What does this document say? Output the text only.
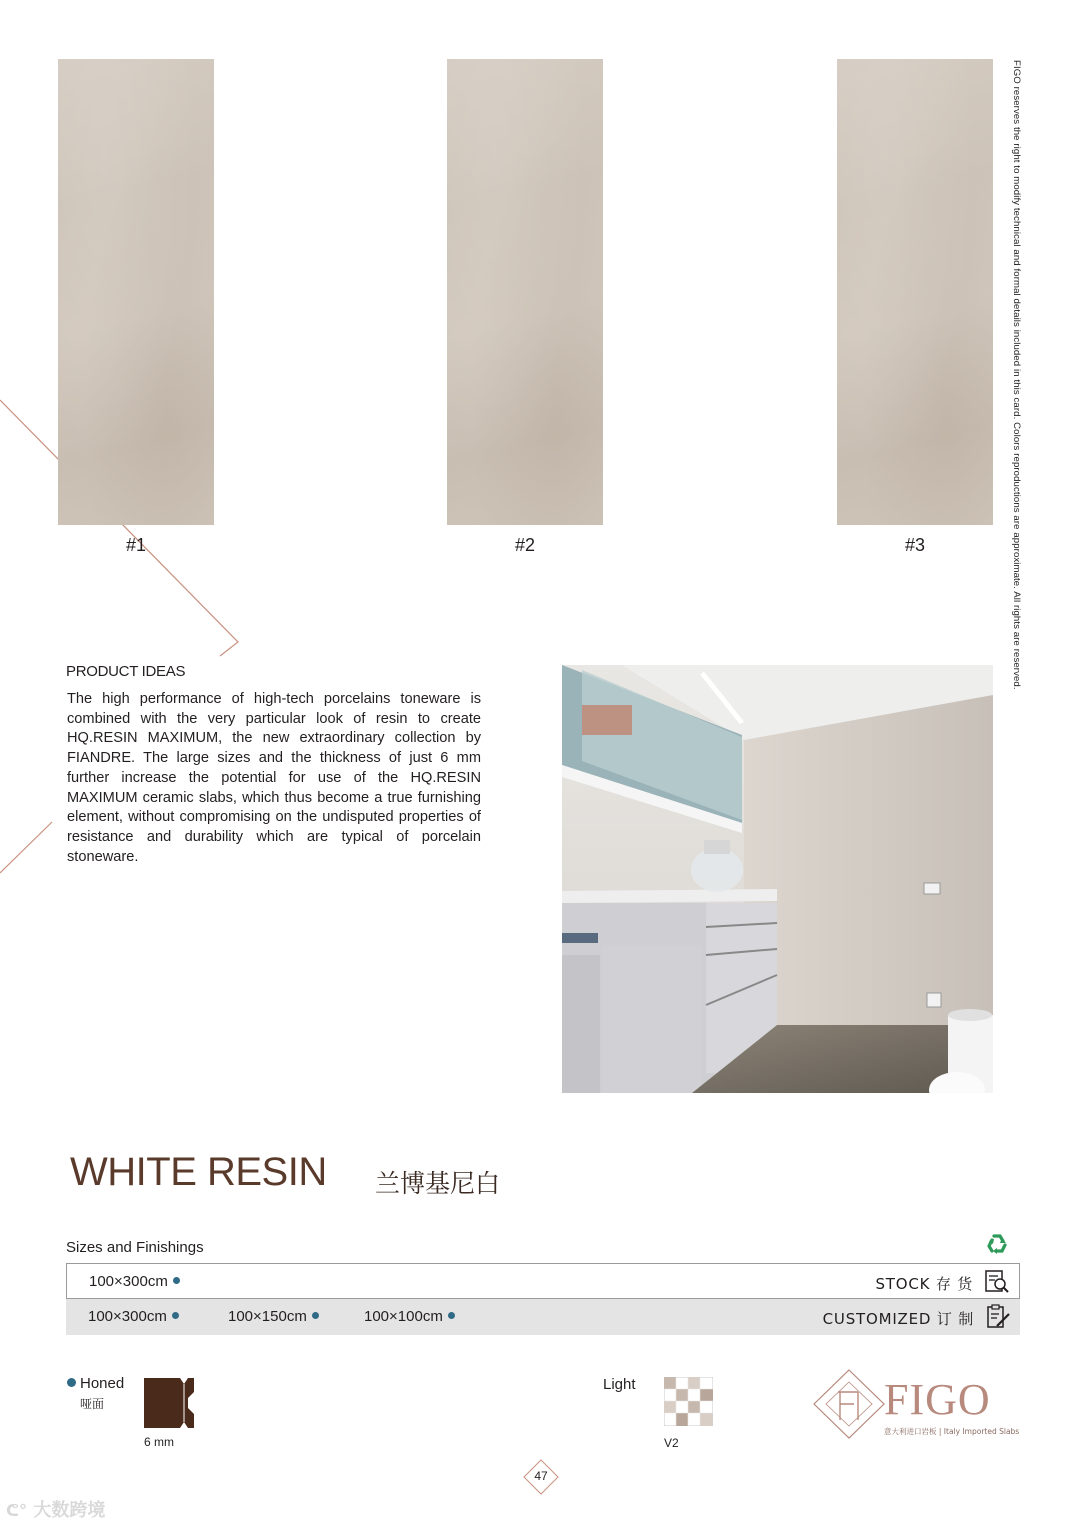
#1	#2	#3	FIGO reserves the right to modify technical and formal details included in this card. Colors reproductions are approximate. All rights are reserved.
PRODUCT IDEAS
The high performance of high-tech porcelains toneware is combined with the very particular look of resin to create HQ.RESIN MAXIMUM, the new extraordinary collection by FIANDRE. The large sizes and the thickness of just 6 mm further increase the potential for use of the HQ.RESIN MAXIMUM ceramic slabs, which thus become a true furnishing element, without compromising on the undisputed properties of resistance and durability which are typical of porcelain stoneware.
WHITE RESIN 兰博基尼白
Sizes and Finishings
100×300cm	STOCK 存 货
100×300cm	100×150cm	100×100cm	CUSTOMIZED 订 制
Honed
哑面
6 mm
Light
V2
FIGO
意大利进口岩板 | Italy Imported Slabs
47
ᕦ° 大数跨境
